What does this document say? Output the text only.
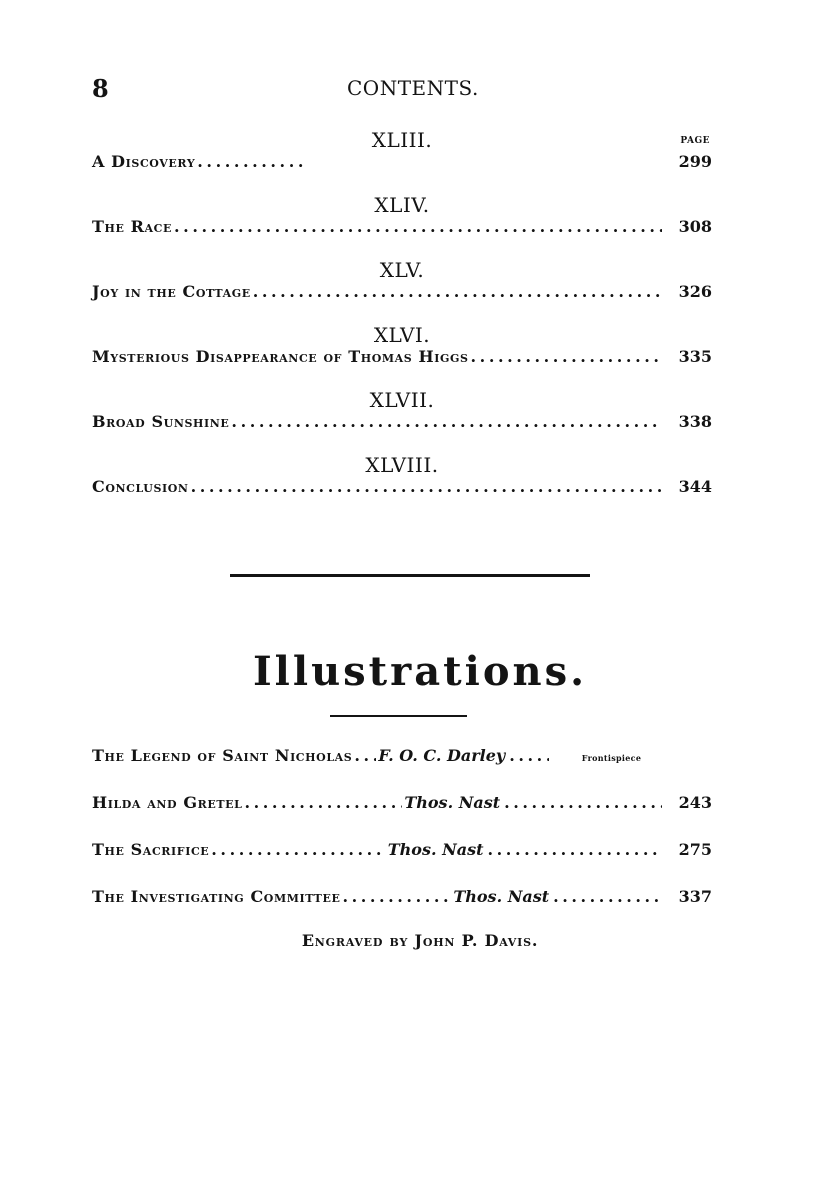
8	CONTENTS.
XLIII.	PAGE
A Discovery . . .	299
XLIV.
The Race . . .	308
XLV.
Joy in the Cottage . . .	326
XLVI.
Mysterious Disappearance of Thomas Higgs . . .	335
XLVII.
Broad Sunshine . . .	338
XLVIII.
Conclusion . . .	344
Illustrations.
The Legend of Saint Nicholas . . . F. O. C. Darley . . .	Frontispiece
Hilda and Gretel . . .	Thos. Nast . . .	243
The Sacrifice . . .	Thos. Nast . . .	275
The Investigating Committee . . .	Thos. Nast . . .	337
Engraved by John P. Davis.
